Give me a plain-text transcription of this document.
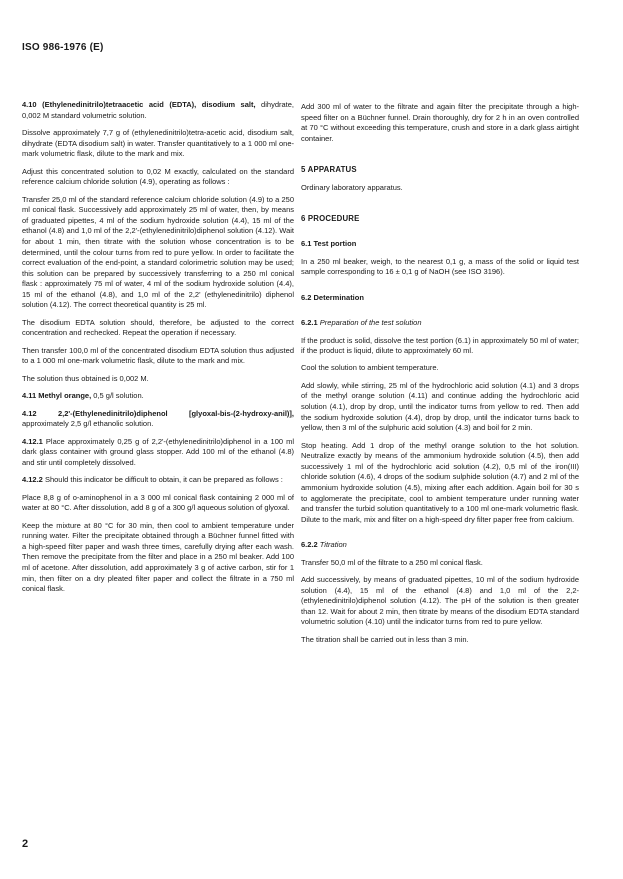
ISO 986-1976 (E)

4.10 (Ethylenedinitrilo)tetraacetic acid (EDTA), disodium salt, dihydrate, 0,002 M standard volumetric solution.

Dissolve approximately 7,7 g of (ethylenedinitrilo)tetra-acetic acid, disodium salt, dihydrate (EDTA disodium salt) in water. Transfer quantitatively to a 1 000 ml one-mark volumetric flask, dilute to the mark and mix.

Adjust this concentrated solution to 0,02 M exactly, calculated on the standard reference calcium chloride solution (4.9), operating as follows :

Transfer 25,0 ml of the standard reference calcium chloride solution (4.9) to a 250 ml conical flask. Successively add approximately 25 ml of water, then, by means of graduated pipettes, 4 ml of the sodium hydroxide solution (4.4), 15 ml of the ethanol (4.8) and 1,0 ml of the 2,2'-(ethylenedinitrilo)diphenol solution (4.12). Wait for about 1 min, then titrate with the solution whose concentration is to be determined, until the colour turns from red to pure yellow. In order to facilitate the correct evaluation of the end-point, a standard colorimetric solution may be used; this solution can be prepared by successively transferring to a 250 ml conical flask : approximately 75 ml of water, 4 ml of the sodium hydroxide solution (4.4), 15 ml of the ethanol (4.8), and 1,0 ml of the 2,2' (ethylenedinitrilo) diphenol solution (4.12). The correct theoretical quantity is 25 ml.

The disodium EDTA solution should, therefore, be adjusted to the correct concentration and rechecked. Repeat the operation if necessary.

Then transfer 100,0 ml of the concentrated disodium EDTA solution thus adjusted to a 1 000 ml one-mark volumetric flask, dilute to the mark and mix.

The solution thus obtained is 0,002 M.

4.11 Methyl orange, 0,5 g/l solution.

4.12 2,2'-(Ethylenedinitrilo)diphenol [glyoxal-bis-(2-hydroxy-anil)], approximately 2,5 g/l ethanolic solution.

4.12.1 Place approximately 0,25 g of 2,2'-(ethylenedinitrilo)diphenol in a 100 ml dark glass container with ground glass stopper. Add 100 ml of the ethanol (4.8) and stir until completely dissolved.

4.12.2 Should this indicator be difficult to obtain, it can be prepared as follows :

Place 8,8 g of o-aminophenol in a 3 000 ml conical flask containing 2 000 ml of water at 80 °C. After dissolution, add 8 g of a 300 g/l aqueous solution of glyoxal.

Keep the mixture at 80 °C for 30 min, then cool to ambient temperature under running water. Filter the precipitate obtained through a Büchner funnel fitted with a high-speed filter paper and wash three times, carefully drying after each wash. Then remove the precipitate from the filter and place in a 250 ml beaker. Add 100 ml of acetone. After dissolution, add approximately 3 g of active carbon, stir for 1 min, then filter on a dry pleated filter paper and collect the filtrate in a 750 ml conical flask.

Add 300 ml of water to the filtrate and again filter the precipitate through a high-speed filter on a Büchner funnel. Drain thoroughly, dry for 2 h in an oven controlled at 70 °C without exceeding this temperature, crush and store in a dark glass airtight container.

5 APPARATUS

Ordinary laboratory apparatus.

6 PROCEDURE
6.1 Test portion

In a 250 ml beaker, weigh, to the nearest 0,1 g, a mass of the solid or liquid test sample corresponding to 16 ± 0,1 g of NaOH (see ISO 3196).

6.2 Determination
6.2.1 Preparation of the test solution

If the product is solid, dissolve the test portion (6.1) in approximately 50 ml of water; if the product is liquid, dilute to approximately 60 ml.

Cool the solution to ambient temperature.

Add slowly, while stirring, 25 ml of the hydrochloric acid solution (4.1) and 3 drops of the methyl orange solution (4.11) and continue adding the hydrochloric acid solution (4.1), drop by drop, until the indicator turns from yellow to red. Then add the sodium hydroxide solution (4.4), drop by drop, until the indicator turns back to yellow, then 3 ml of the sulphuric acid solution (4.3) and boil for 2 min.

Stop heating. Add 1 drop of the methyl orange solution to the hot solution. Neutralize exactly by means of the ammonium hydroxide solution (4.5), then add successively 1 ml of the hydrochloric acid solution (4.2), 0,5 ml of the iron(III) chloride solution (4.6), 4 drops of the sodium sulphide solution (4.7) and 2 ml of the ammonium hydroxide solution (4.5), mixing after each addition. Again boil for 30 s to agglomerate the precipitate, cool to ambient temperature under running water and transfer the turbid solution quantitatively to a 100 ml one-mark volumetric flask. Dilute to the mark, mix and filter on a high-speed dry filter paper free from calcium.

6.2.2 Titration

Transfer 50,0 ml of the filtrate to a 250 ml conical flask.

Add successively, by means of graduated pipettes, 10 ml of the sodium hydroxide solution (4.4), 15 ml of the ethanol (4.8) and 1,0 ml of the 2,2-(ethylenedinitrilo)diphenol solution (4.12). The pH of the solution is then greater than 12. Wait for about 2 min, then titrate by means of the disodium EDTA standard volumetric solution (4.10) until the indicator turns from red to pure yellow.

The titration shall be carried out in less than 3 min.

2
